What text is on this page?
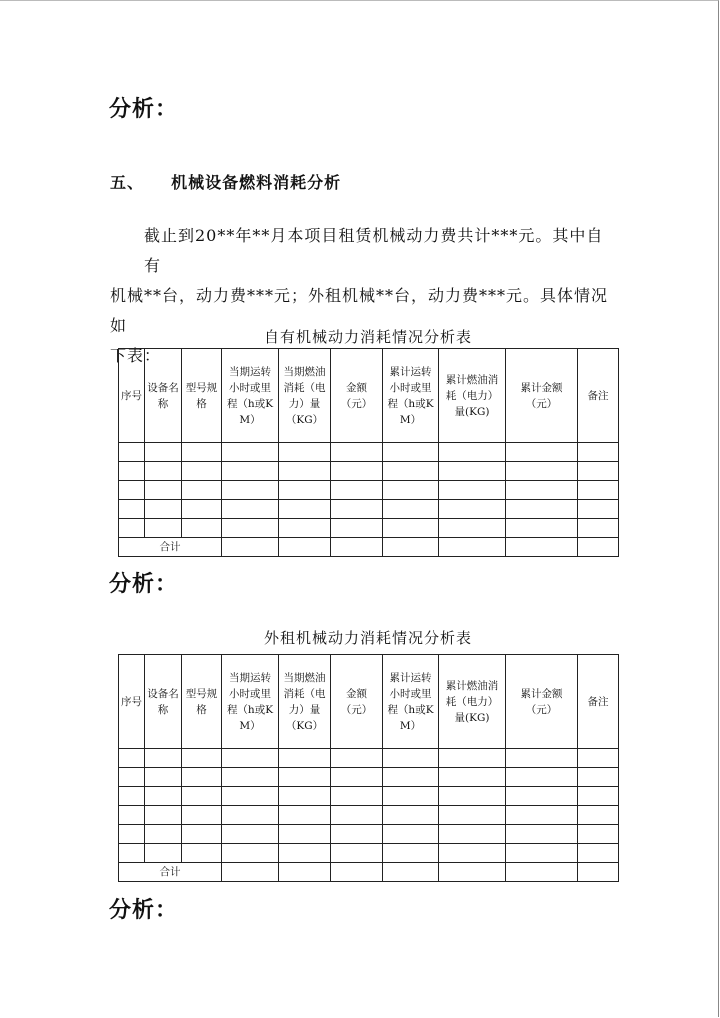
分析：
五、 机械设备燃料消耗分析
截止到20**年**月本项目租赁机械动力费共计***元。其中自有
机械**台，动力费***元；外租机械**台，动力费***元。具体情况如
下表：
自有机械动力消耗情况分析表
序号	设备名称	型号规格	当期运转小时或里程（h或KM）	当期燃油消耗（电力）量（KG）	金额（元）	累计运转小时或里程（h或KM）	累计燃油消耗（电力）量(KG)	累计金额（元）	备注

合计									
分析：
外租机械动力消耗情况分析表
序号	设备名称	型号规格	当期运转小时或里程（h或KM）	当期燃油消耗（电力）量（KG）	金额（元）	累计运转小时或里程（h或KM）	累计燃油消耗（电力）量(KG)	累计金额（元）	备注

合计									
分析：
